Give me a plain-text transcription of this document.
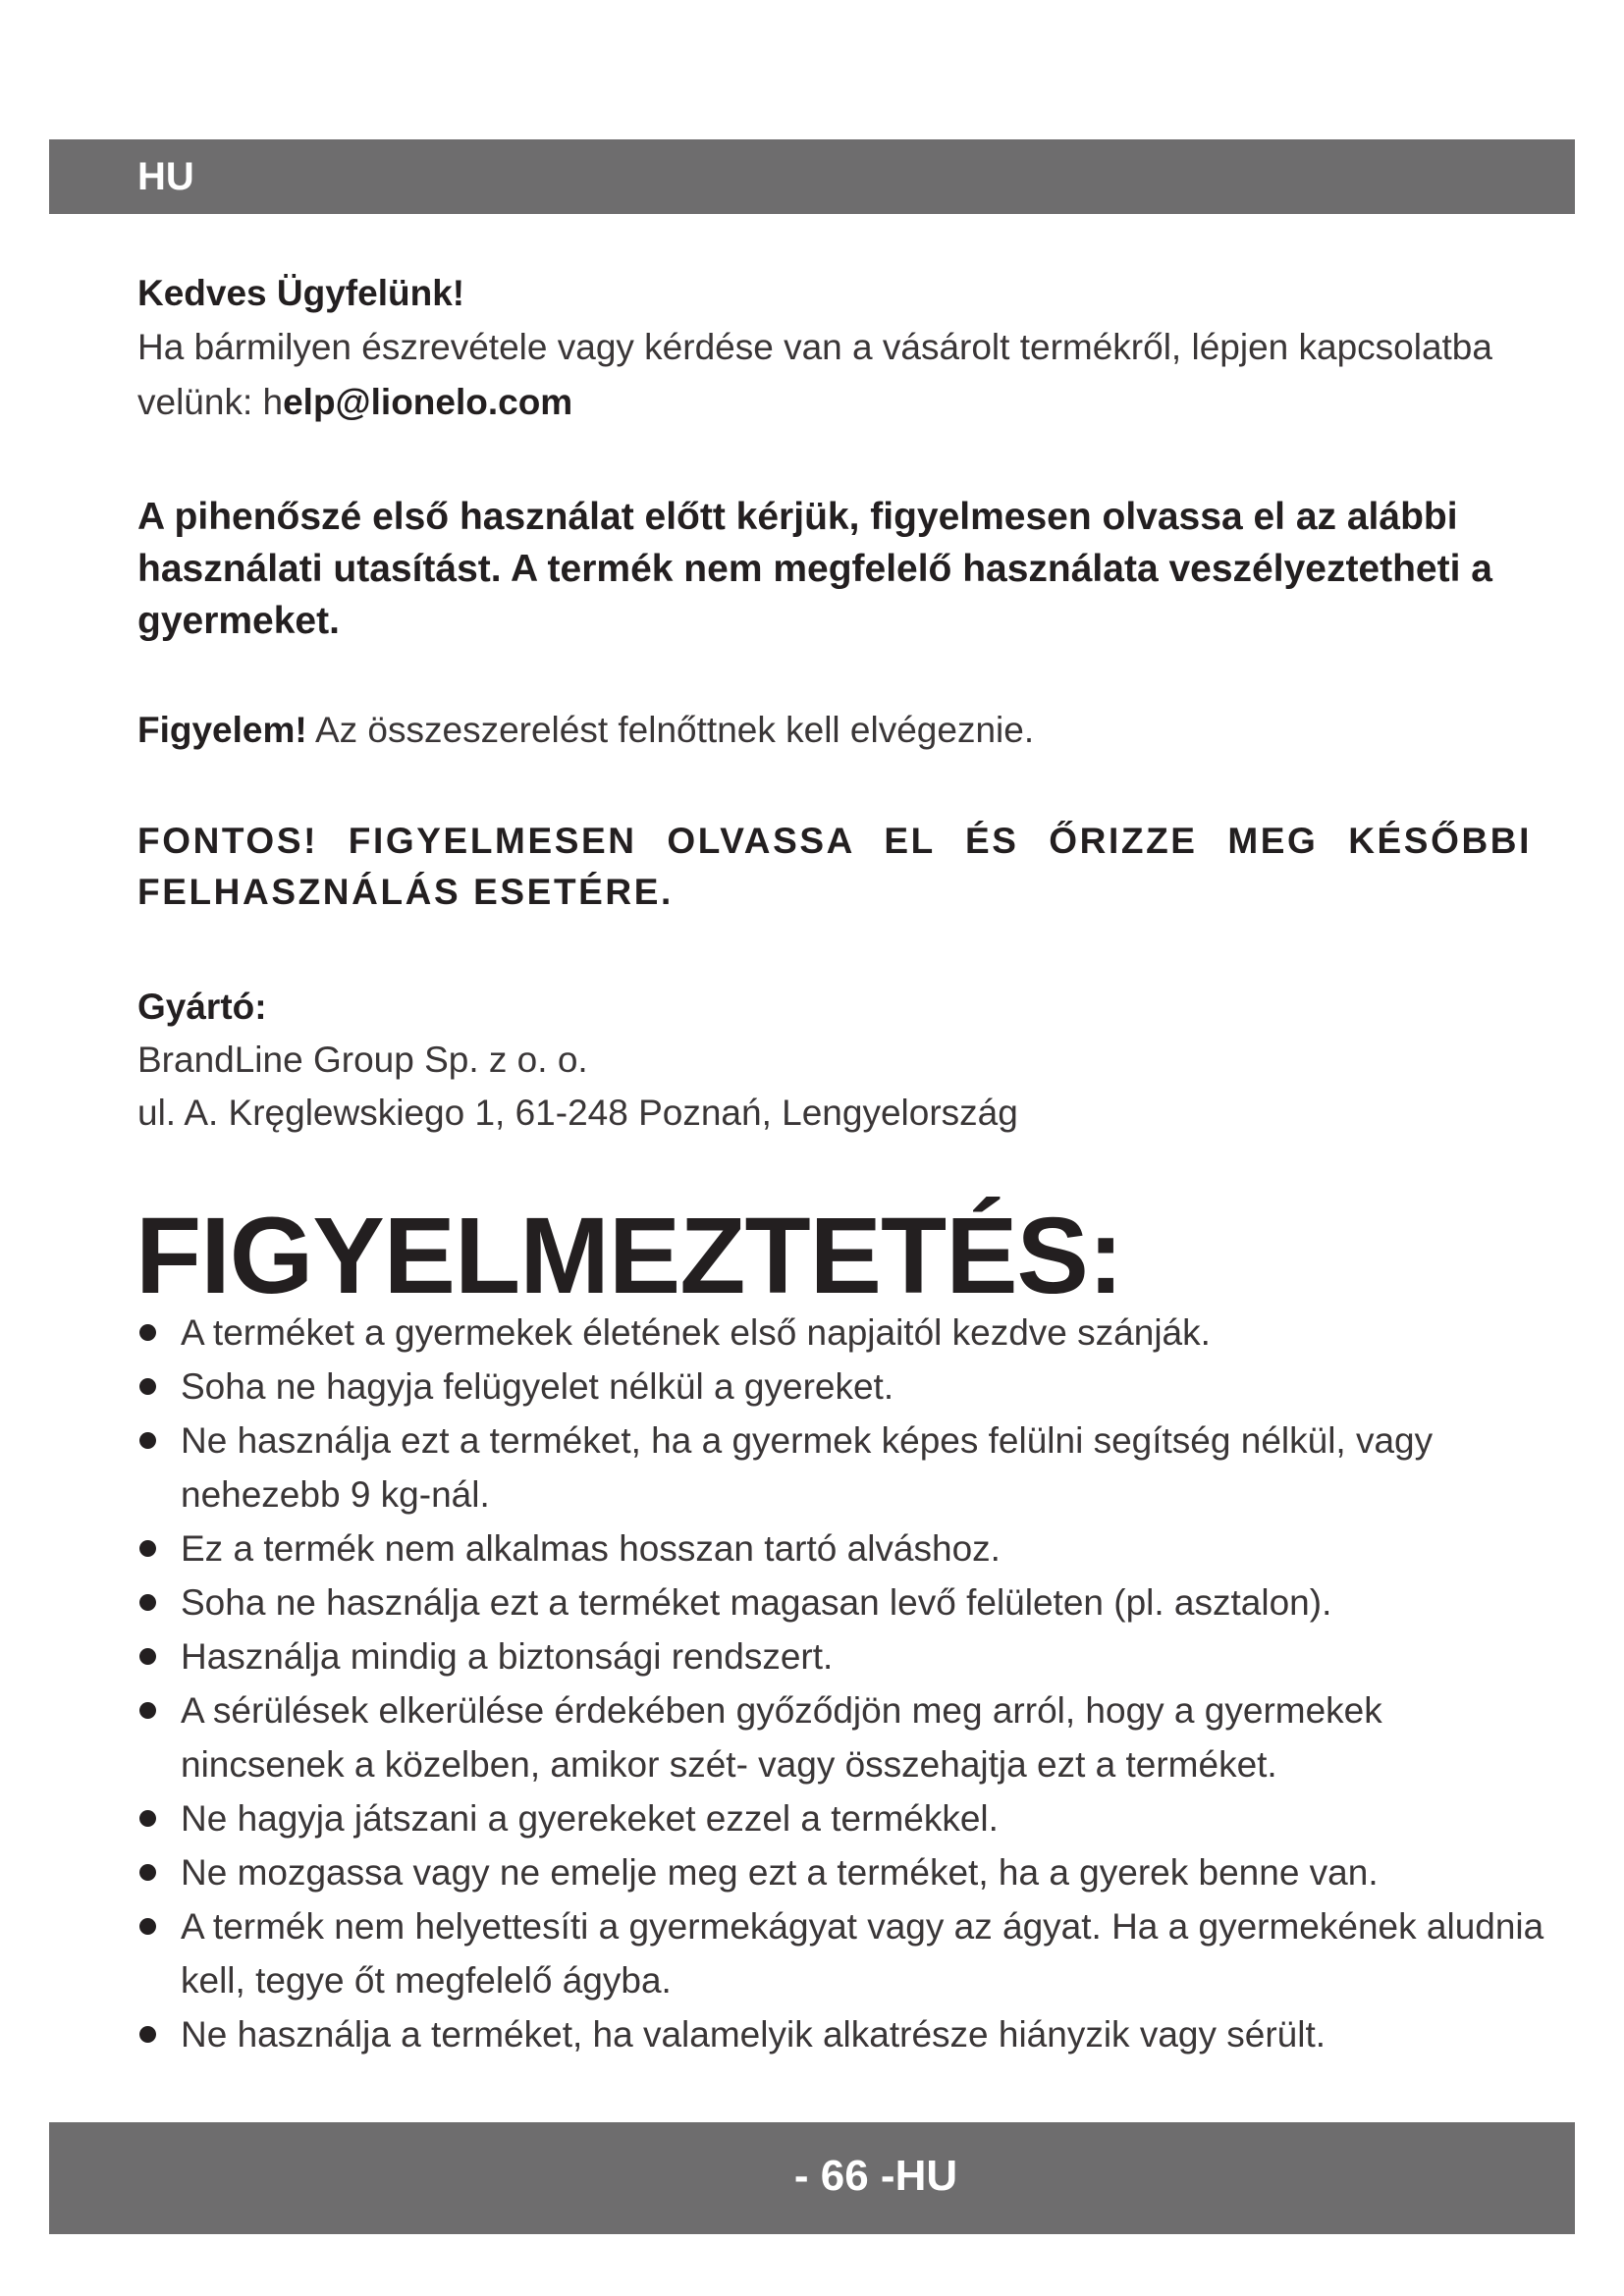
HU

Kedves Ügyfelünk!

Ha bármilyen észrevétele vagy kérdése van a vásárolt termékről, lépjen kapcsolatba velünk: help@lionelo.com

A pihenőszé első használat előtt kérjük, figyelmesen olvassa el az alábbi használati utasítást. A termék nem megfelelő használata veszélyeztetheti a gyermeket.

Figyelem! Az összeszerelést felnőttnek kell elvégeznie.

FONTOS! FIGYELMESEN OLVASSA EL ÉS ŐRIZZE MEG KÉSŐBBI FELHASZNÁLÁS ESETÉRE.

Gyártó:

BrandLine Group Sp. z o. o.

ul. A. Kręglewskiego 1, 61-248 Poznań, Lengyelország

FIGYELMEZTETÉS:
A terméket a gyermekek életének első napjaitól kezdve szánják.
Soha ne hagyja felügyelet nélkül a gyereket.
Ne használja ezt a terméket, ha a gyermek képes felülni segítség nélkül, vagy nehezebb 9 kg-nál.
Ez a termék nem alkalmas hosszan tartó alváshoz.
Soha ne használja ezt a terméket magasan levő felületen (pl. asztalon).
Használja mindig a biztonsági rendszert.
A sérülések elkerülése érdekében győződjön meg arról, hogy a gyermekek nincsenek a közelben, amikor szét- vagy összehajtja ezt a terméket.
Ne hagyja játszani a gyerekeket ezzel a termékkel.
Ne mozgassa vagy ne emelje meg ezt a terméket, ha a gyerek benne van.
A termék nem helyettesíti a gyermekágyat vagy az ágyat. Ha a gyermekének aludnia kell, tegye őt megfelelő ágyba.
Ne használja a terméket, ha valamelyik alkatrésze hiányzik vagy sérült.
- 66 -HU
